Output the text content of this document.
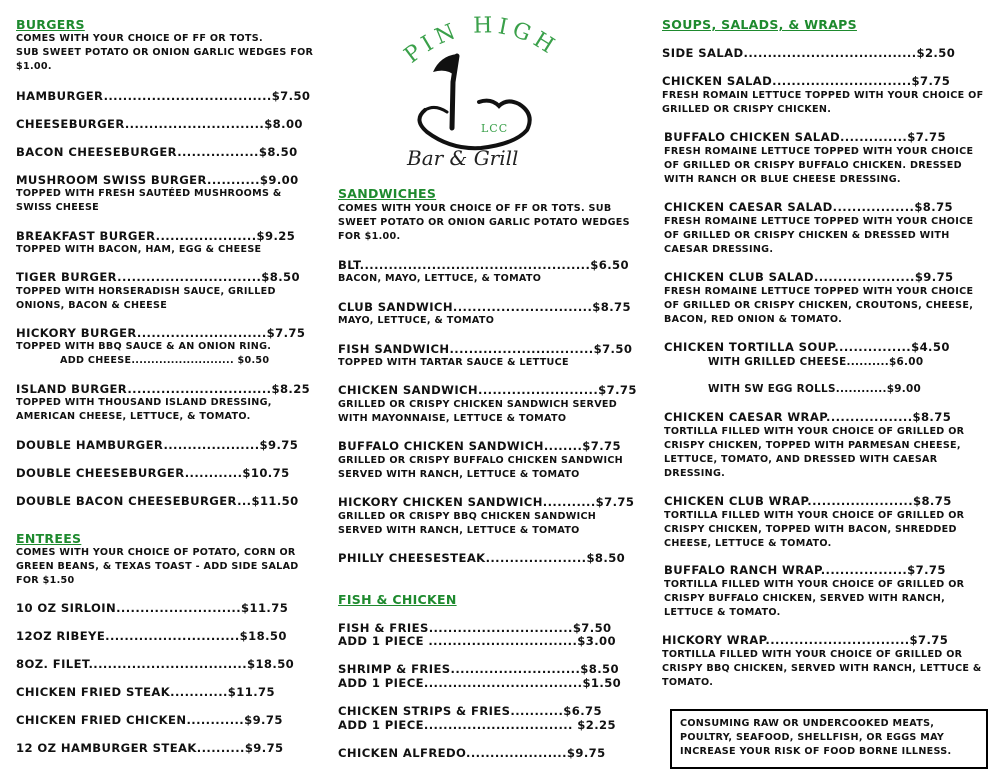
PIN HIGH
LCC
Bar & Grill
BURGERS
COMES WITH YOUR CHOICE OF FF OR TOTS.
SUB SWEET POTATO OR ONION GARLIC WEDGES FOR
$1.00.
HAMBURGER...................................$7.50
CHEESEBURGER.............................$8.00
BACON CHEESEBURGER.................$8.50
MUSHROOM SWISS BURGER...........$9.00
TOPPED WITH FRESH SAUTÉED MUSHROOMS &
SWISS CHEESE
BREAKFAST BURGER.....................$9.25
TOPPED WITH BACON, HAM, EGG & CHEESE
TIGER BURGER..............................$8.50
TOPPED WITH HORSERADISH SAUCE, GRILLED
ONIONS, BACON & CHEESE
HICKORY BURGER...........................$7.75
TOPPED WITH BBQ SAUCE & AN ONION RING.
ADD CHEESE.......................... $0.50
ISLAND BURGER..............................$8.25
TOPPED WITH THOUSAND ISLAND DRESSING,
AMERICAN CHEESE, LETTUCE, & TOMATO.
DOUBLE HAMBURGER....................$9.75
DOUBLE CHEESEBURGER............$10.75
DOUBLE BACON CHEESEBURGER...$11.50
ENTREES
COMES WITH YOUR CHOICE OF POTATO, CORN OR
GREEN BEANS, & TEXAS TOAST - ADD SIDE SALAD
FOR $1.50
10 OZ SIRLOIN..........................$11.75
12OZ RIBEYE............................$18.50
8OZ. FILET.................................$18.50
CHICKEN FRIED STEAK............$11.75
CHICKEN FRIED CHICKEN............$9.75
12 OZ HAMBURGER STEAK..........$9.75
SANDWICHES
COMES WITH YOUR CHOICE OF FF OR TOTS. SUB
SWEET POTATO OR ONION GARLIC POTATO WEDGES
FOR $1.00.
BLT................................................$6.50
BACON, MAYO, LETTUCE, & TOMATO
CLUB SANDWICH.............................$8.75
MAYO, LETTUCE, & TOMATO
FISH SANDWICH..............................$7.50
TOPPED WITH TARTAR SAUCE & LETTUCE
CHICKEN SANDWICH.........................$7.75
GRILLED OR CRISPY CHICKEN SANDWICH SERVED
WITH MAYONNAISE, LETTUCE & TOMATO
BUFFALO CHICKEN SANDWICH........$7.75
GRILLED OR CRISPY BUFFALO CHICKEN SANDWICH
SERVED WITH RANCH, LETTUCE & TOMATO
HICKORY CHICKEN SANDWICH...........$7.75
GRILLED OR CRISPY BBQ CHICKEN SANDWICH
SERVED WITH RANCH, LETTUCE & TOMATO
PHILLY CHEESESTEAK.....................$8.50
FISH & CHICKEN
FISH & FRIES..............................$7.50
ADD 1 PIECE ...............................$3.00
SHRIMP & FRIES...........................$8.50
ADD 1 PIECE.................................$1.50
CHICKEN STRIPS & FRIES...........$6.75
ADD 1 PIECE............................... $2.25
CHICKEN ALFREDO.....................$9.75
SOUPS, SALADS, & WRAPS
SIDE SALAD....................................$2.50
CHICKEN SALAD.............................$7.75
FRESH ROMAIN LETTUCE TOPPED WITH YOUR CHOICE OF
GRILLED OR CRISPY CHICKEN.
BUFFALO CHICKEN SALAD..............$7.75
FRESH ROMAINE LETTUCE TOPPED WITH YOUR CHOICE
OF GRILLED OR CRISPY BUFFALO CHICKEN. DRESSED
WITH RANCH OR BLUE CHEESE DRESSING.
CHICKEN CAESAR SALAD.................$8.75
FRESH ROMAINE LETTUCE TOPPED WITH YOUR CHOICE
OF GRILLED OR CRISPY CHICKEN & DRESSED WITH
CAESAR DRESSING.
CHICKEN CLUB SALAD.....................$9.75
FRESH ROMAINE LETTUCE TOPPED WITH YOUR CHOICE
OF GRILLED OR CRISPY CHICKEN, CROUTONS, CHEESE,
BACON, RED ONION & TOMATO.
CHICKEN TORTILLA SOUP................$4.50
WITH GRILLED CHEESE..........$6.00
WITH SW EGG ROLLS............$9.00
CHICKEN CAESAR WRAP..................$8.75
TORTILLA FILLED WITH YOUR CHOICE OF GRILLED OR
CRISPY CHICKEN, TOPPED WITH PARMESAN CHEESE,
LETTUCE, TOMATO, AND DRESSED WITH CAESAR
DRESSING.
CHICKEN CLUB WRAP......................$8.75
TORTILLA FILLED WITH YOUR CHOICE OF GRILLED OR
CRISPY CHICKEN, TOPPED WITH BACON, SHREDDED
CHEESE, LETTUCE & TOMATO.
BUFFALO RANCH WRAP..................$7.75
TORTILLA FILLED WITH YOUR CHOICE OF GRILLED OR
CRISPY BUFFALO CHICKEN, SERVED WITH RANCH,
LETTUCE & TOMATO.
HICKORY WRAP..............................$7.75
TORTILLA FILLED WITH YOUR CHOICE OF GRILLED OR
CRISPY BBQ CHICKEN, SERVED WITH RANCH, LETTUCE &
TOMATO.
CONSUMING RAW OR UNDERCOOKED MEATS,
POULTRY, SEAFOOD, SHELLFISH, OR EGGS MAY
INCREASE YOUR RISK OF FOOD BORNE ILLNESS.
